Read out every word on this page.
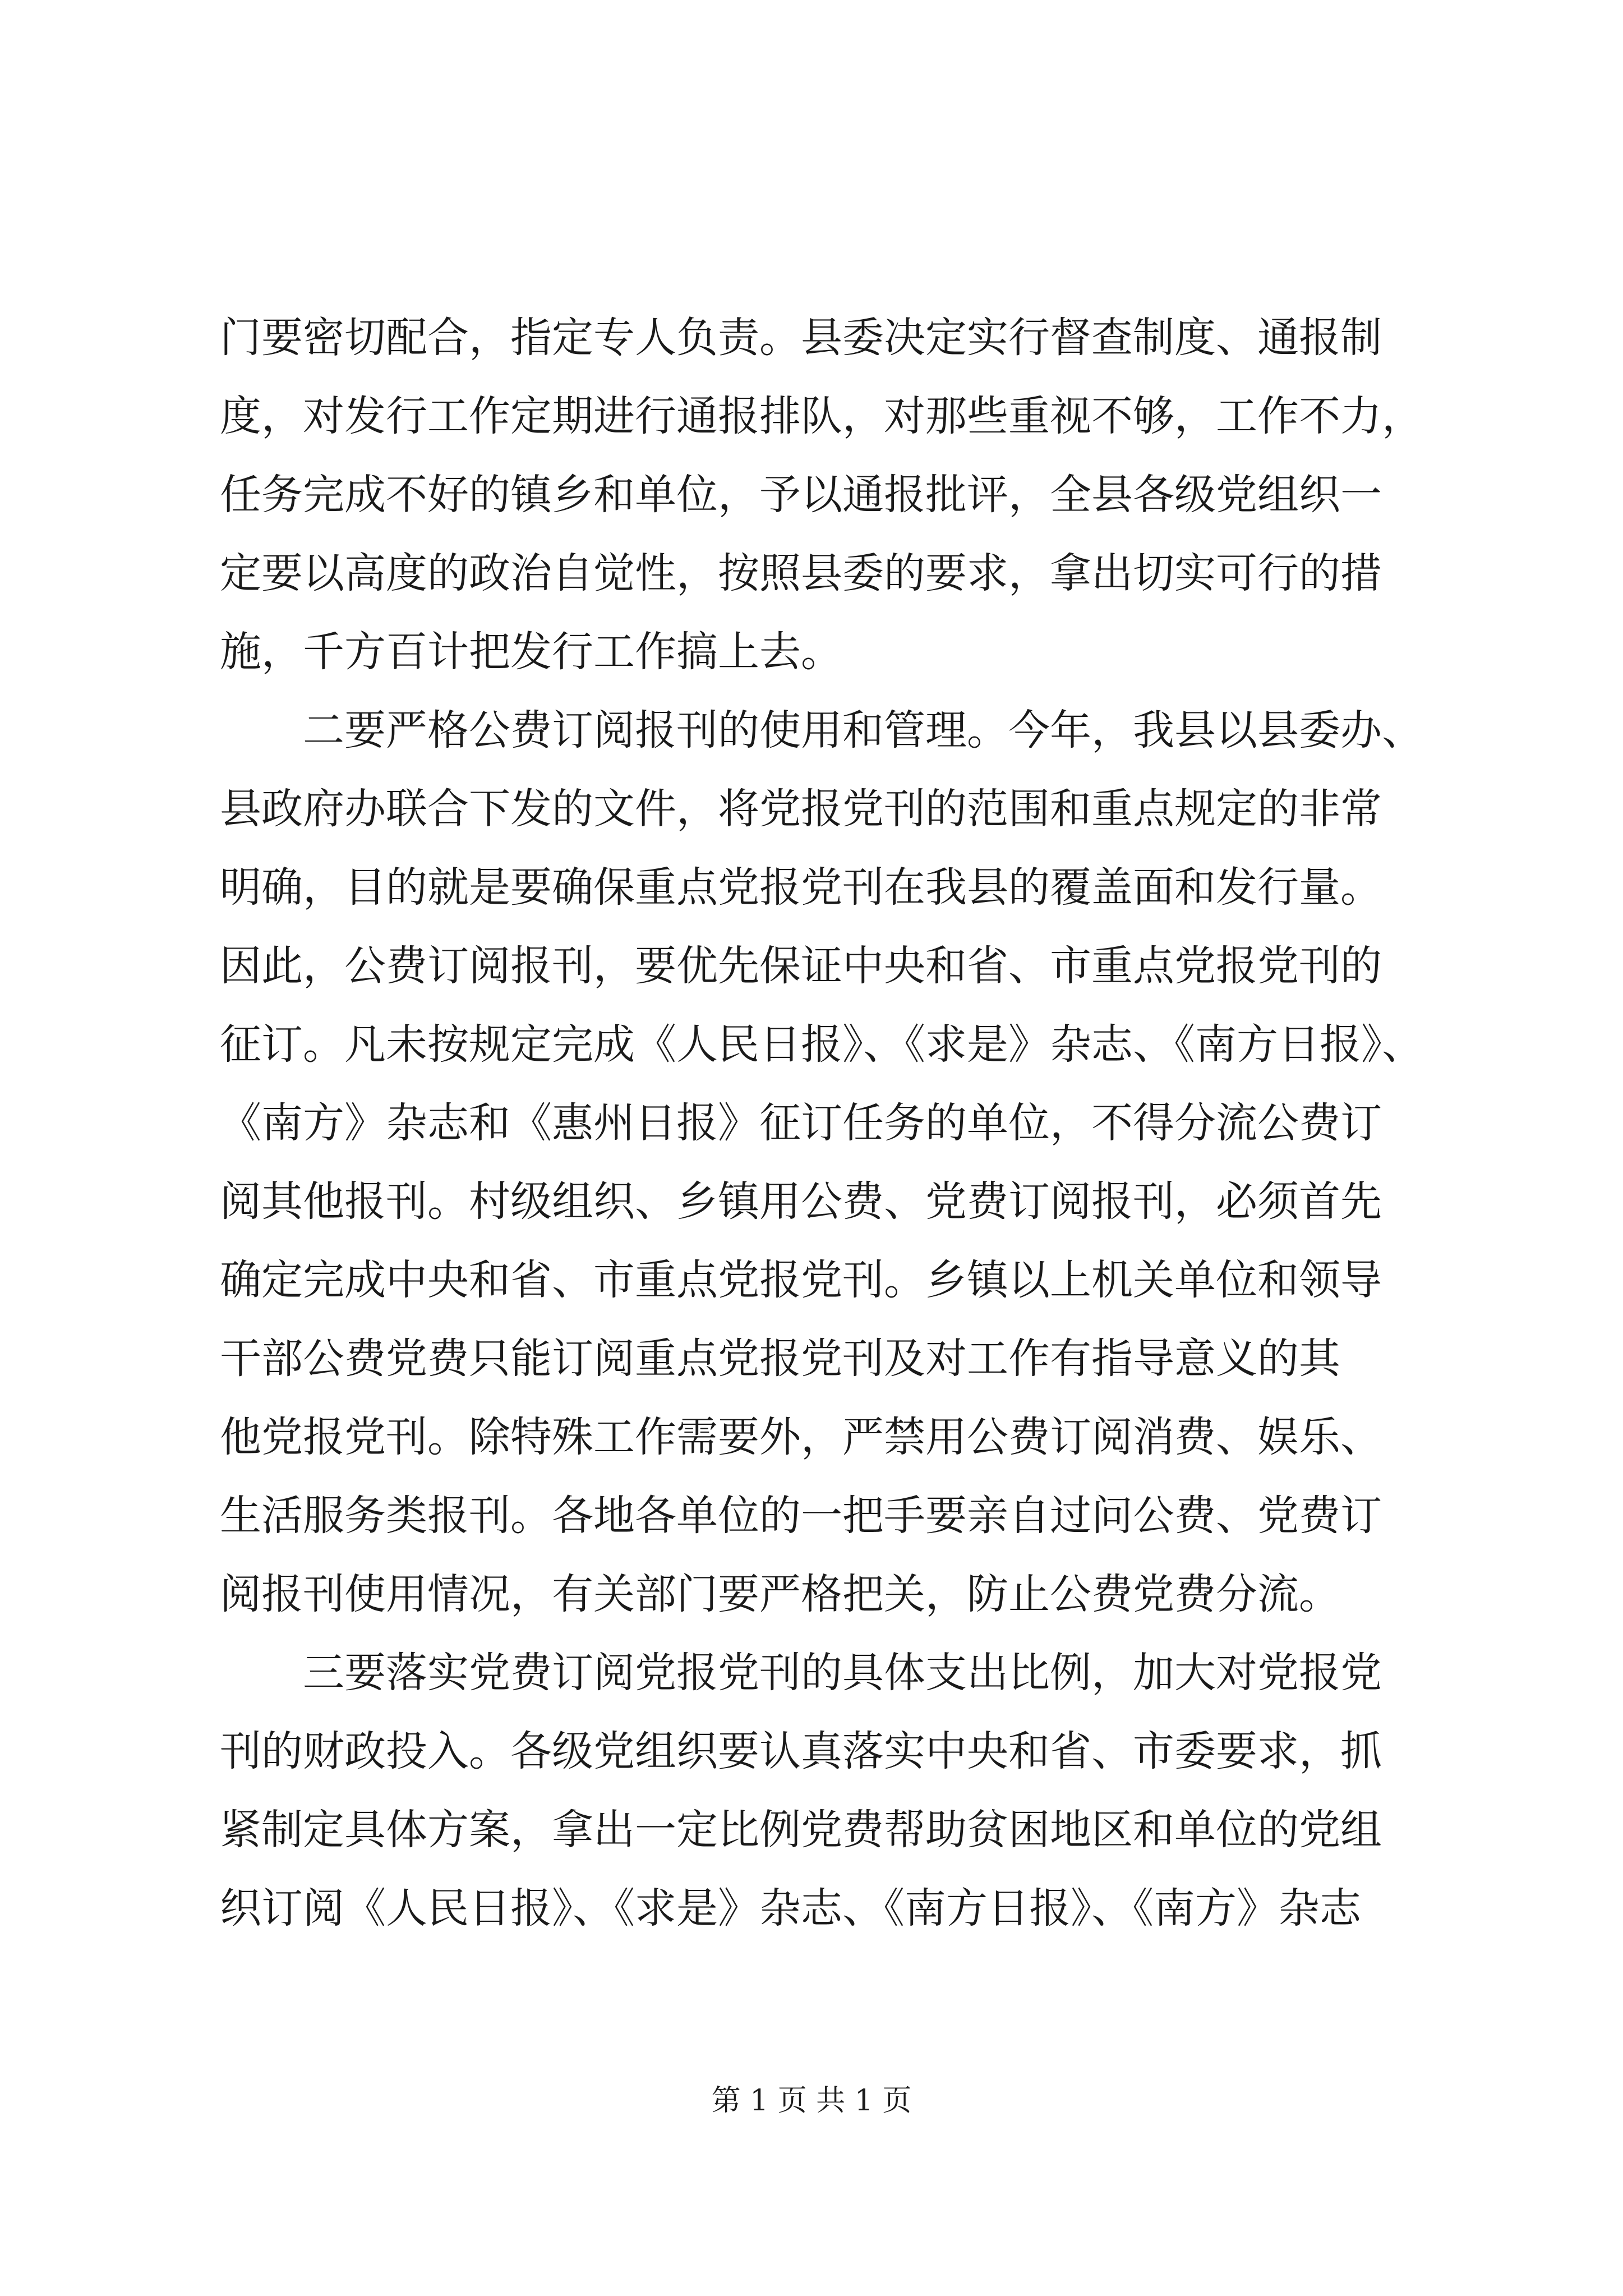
门要密切配合，指定专人负责。县委决定实行督查制度、通报制
度，对发行工作定期进行通报排队，对那些重视不够，工作不力，
任务完成不好的镇乡和单位，予以通报批评，全县各级党组织一
定要以高度的政治自觉性，按照县委的要求，拿出切实可行的措
施，千方百计把发行工作搞上去。
二要严格公费订阅报刊的使用和管理。今年，我县以县委办、
县政府办联合下发的文件，将党报党刊的范围和重点规定的非常
明确，目的就是要确保重点党报党刊在我县的覆盖面和发行量。
因此，公费订阅报刊，要优先保证中央和省、市重点党报党刊的
征订。凡未按规定完成《人民日报》、《求是》杂志、《南方日报》、
《南方》杂志和《惠州日报》征订任务的单位，不得分流公费订
阅其他报刊。村级组织、乡镇用公费、党费订阅报刊，必须首先
确定完成中央和省、市重点党报党刊。乡镇以上机关单位和领导
干部公费党费只能订阅重点党报党刊及对工作有指导意义的其
他党报党刊。除特殊工作需要外，严禁用公费订阅消费、娱乐、
生活服务类报刊。各地各单位的一把手要亲自过问公费、党费订
阅报刊使用情况，有关部门要严格把关，防止公费党费分流。
三要落实党费订阅党报党刊的具体支出比例，加大对党报党
刊的财政投入。各级党组织要认真落实中央和省、市委要求，抓
紧制定具体方案，拿出一定比例党费帮助贫困地区和单位的党组
织订阅《人民日报》、《求是》杂志、《南方日报》、《南方》杂志
第 1 页 共 1 页
